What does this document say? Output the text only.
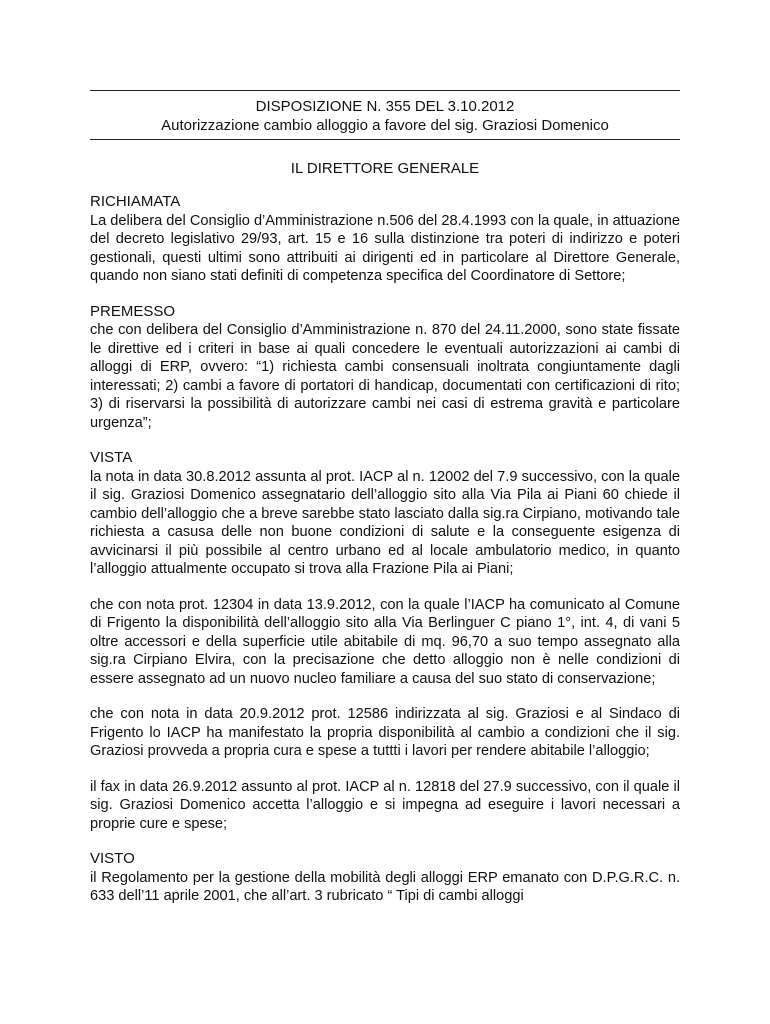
DISPOSIZIONE N. 355 DEL 3.10.2012
Autorizzazione cambio alloggio a favore del sig. Graziosi Domenico
IL DIRETTORE GENERALE
RICHIAMATA

La delibera del Consiglio d’Amministrazione n.506 del 28.4.1993 con la quale, in attuazione del decreto legislativo 29/93, art. 15 e 16 sulla distinzione tra poteri di indirizzo e poteri gestionali, questi ultimi sono attribuiti ai dirigenti ed in particolare al Direttore Generale, quando non siano stati definiti di competenza specifica del Coordinatore di Settore;

PREMESSO

che con delibera del Consiglio d’Amministrazione n. 870 del 24.11.2000, sono state fissate le direttive ed i criteri in base ai quali concedere le eventuali autorizzazioni ai cambi di alloggi di ERP, ovvero: “1) richiesta cambi consensuali inoltrata congiuntamente dagli interessati; 2) cambi a favore di portatori di handicap, documentati con certificazioni di rito; 3) di riservarsi la possibilità di autorizzare cambi nei casi di estrema gravità e particolare urgenza”;

VISTA

la nota in data 30.8.2012 assunta al prot. IACP al n. 12002 del 7.9 successivo, con la quale il sig. Graziosi Domenico assegnatario dell’alloggio sito alla Via Pila ai Piani 60 chiede il cambio dell’alloggio che a breve sarebbe stato lasciato dalla sig.ra Cirpiano, motivando tale richiesta a casusa delle non buone condizioni di salute e la conseguente esigenza di avvicinarsi il più possibile al centro urbano ed al locale ambulatorio medico, in quanto l’alloggio attualmente occupato si trova alla Frazione Pila ai Piani;

che con nota prot. 12304 in data 13.9.2012, con la quale l’IACP ha comunicato al Comune di Frigento la disponibilità dell’alloggio sito alla Via Berlinguer C piano 1°, int. 4, di vani 5 oltre accessori e della superficie utile abitabile di mq. 96,70 a suo tempo assegnato alla sig.ra Cirpiano Elvira, con la precisazione che detto alloggio non è nelle condizioni di essere assegnato ad un nuovo nucleo familiare a causa del suo stato di conservazione;

che con nota in data 20.9.2012 prot. 12586 indirizzata al sig. Graziosi e al Sindaco di Frigento lo IACP ha manifestato la propria disponibilità al cambio a condizioni che il sig. Graziosi provveda a propria cura e spese a tuttti i lavori per rendere abitabile l’alloggio;

il fax in data 26.9.2012 assunto al prot. IACP al n. 12818 del 27.9 successivo, con il quale il sig. Graziosi Domenico accetta l’alloggio e si impegna ad eseguire i lavori necessari a proprie cure e spese;

VISTO

il Regolamento per la gestione della mobilità degli alloggi ERP emanato con D.P.G.R.C. n. 633 dell’11 aprile 2001, che all’art. 3 rubricato “ Tipi di cambi alloggi
